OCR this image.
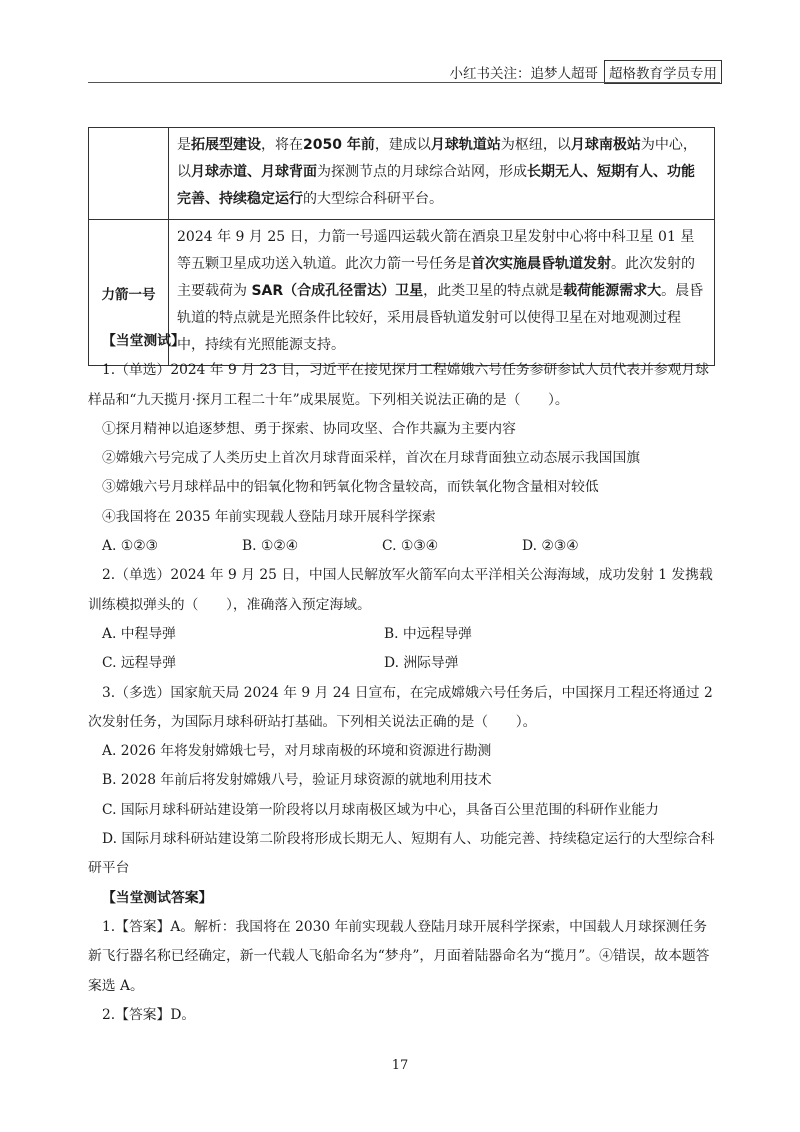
小红书关注：追梦人超哥 超格教育学员专用
	是拓展型建设，将在2050 年前，建成以月球轨道站为枢纽，以月球南极站为中心，以月球赤道、月球背面为探测节点的月球综合站网，形成长期无人、短期有人、功能完善、持续稳定运行的大型综合科研平台。
力箭一号	2024 年 9 月 25 日，力箭一号遥四运载火箭在酒泉卫星发射中心将中科卫星 01 星等五颗卫星成功送入轨道。此次力箭一号任务是首次实施晨昏轨道发射。此次发射的主要载荷为 SAR（合成孔径雷达）卫星，此类卫星的特点就是载荷能源需求大。晨昏轨道的特点就是光照条件比较好，采用晨昏轨道发射可以使得卫星在对地观测过程中，持续有光照能源支持。

【当堂测试】

1.（单选）2024 年 9 月 23 日，习近平在接见探月工程嫦娥六号任务参研参试人员代表并参观月球样品和“九天揽月·探月工程二十年”成果展览。下列相关说法正确的是（　　）。

①探月精神以追逐梦想、勇于探索、协同攻坚、合作共赢为主要内容

②嫦娥六号完成了人类历史上首次月球背面采样，首次在月球背面独立动态展示我国国旗

③嫦娥六号月球样品中的铝氧化物和钙氧化物含量较高，而铁氧化物含量相对较低

④我国将在 2035 年前实现载人登陆月球开展科学探索

A. ①②③	B. ①②④	C. ①③④	D. ②③④

2.（单选）2024 年 9 月 25 日，中国人民解放军火箭军向太平洋相关公海海域，成功发射 1 发携载训练模拟弹头的（　　），准确落入预定海域。

A. 中程导弹	B. 中远程导弹
C. 远程导弹	D. 洲际导弹

3.（多选）国家航天局 2024 年 9 月 24 日宣布，在完成嫦娥六号任务后，中国探月工程还将通过 2 次发射任务，为国际月球科研站打基础。下列相关说法正确的是（　　）。

A. 2026 年将发射嫦娥七号，对月球南极的环境和资源进行勘测

B. 2028 年前后将发射嫦娥八号，验证月球资源的就地利用技术

C. 国际月球科研站建设第一阶段将以月球南极区域为中心，具备百公里范围的科研作业能力

D. 国际月球科研站建设第二阶段将形成长期无人、短期有人、功能完善、持续稳定运行的大型综合科研平台

【当堂测试答案】

1.【答案】A。解析：我国将在 2030 年前实现载人登陆月球开展科学探索，中国载人月球探测任务新飞行器名称已经确定，新一代载人飞船命名为“梦舟”，月面着陆器命名为“揽月”。④错误，故本题答案选 A。

2.【答案】D。

17
